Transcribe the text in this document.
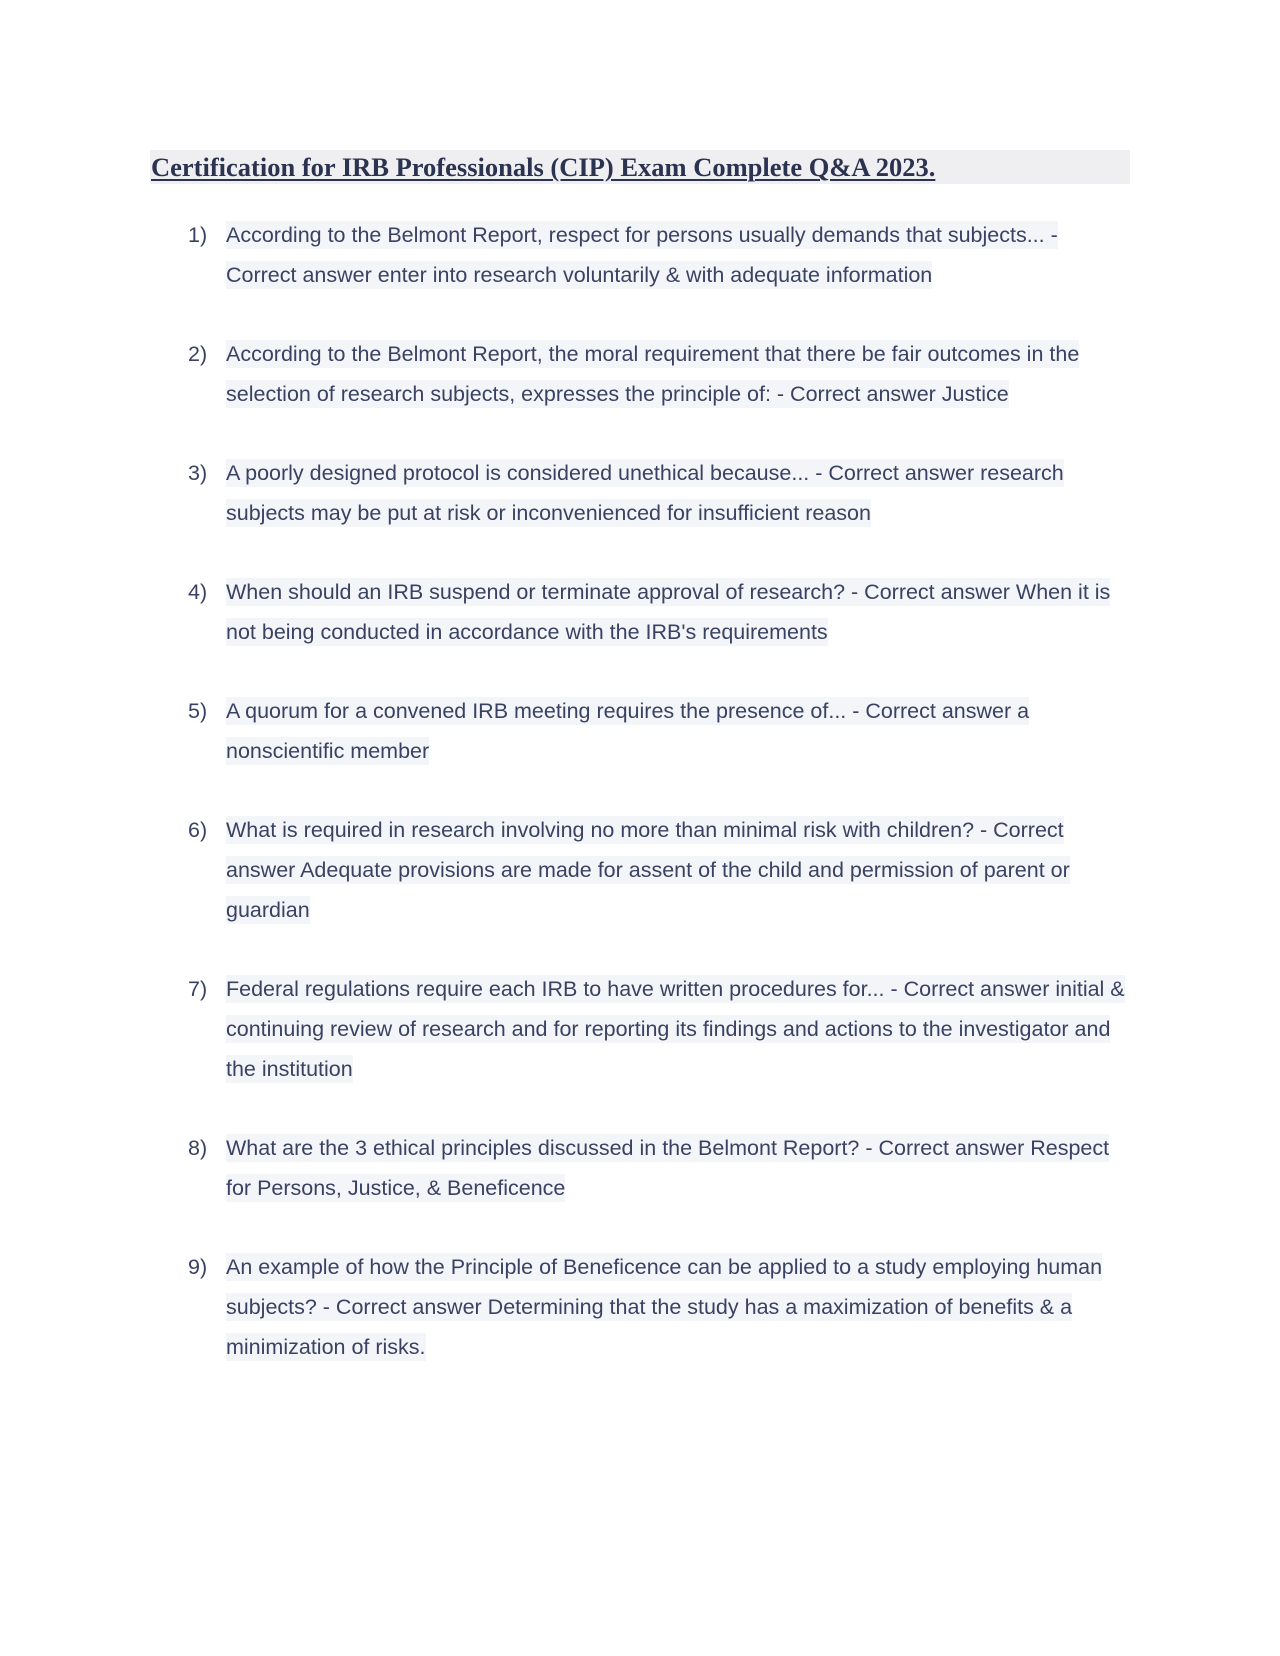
Certification for IRB Professionals (CIP) Exam Complete Q&A 2023.
1) According to the Belmont Report, respect for persons usually demands that subjects... - Correct answer enter into research voluntarily & with adequate information
2) According to the Belmont Report, the moral requirement that there be fair outcomes in the selection of research subjects, expresses the principle of: - Correct answer Justice
3) A poorly designed protocol is considered unethical because... - Correct answer research subjects may be put at risk or inconvenienced for insufficient reason
4) When should an IRB suspend or terminate approval of research? - Correct answer When it is not being conducted in accordance with the IRB's requirements
5) A quorum for a convened IRB meeting requires the presence of... - Correct answer a nonscientific member
6) What is required in research involving no more than minimal risk with children? - Correct answer Adequate provisions are made for assent of the child and permission of parent or guardian
7) Federal regulations require each IRB to have written procedures for... - Correct answer initial & continuing review of research and for reporting its findings and actions to the investigator and the institution
8) What are the 3 ethical principles discussed in the Belmont Report? - Correct answer Respect for Persons, Justice, & Beneficence
9) An example of how the Principle of Beneficence can be applied to a study employing human subjects? - Correct answer Determining that the study has a maximization of benefits & a minimization of risks.
